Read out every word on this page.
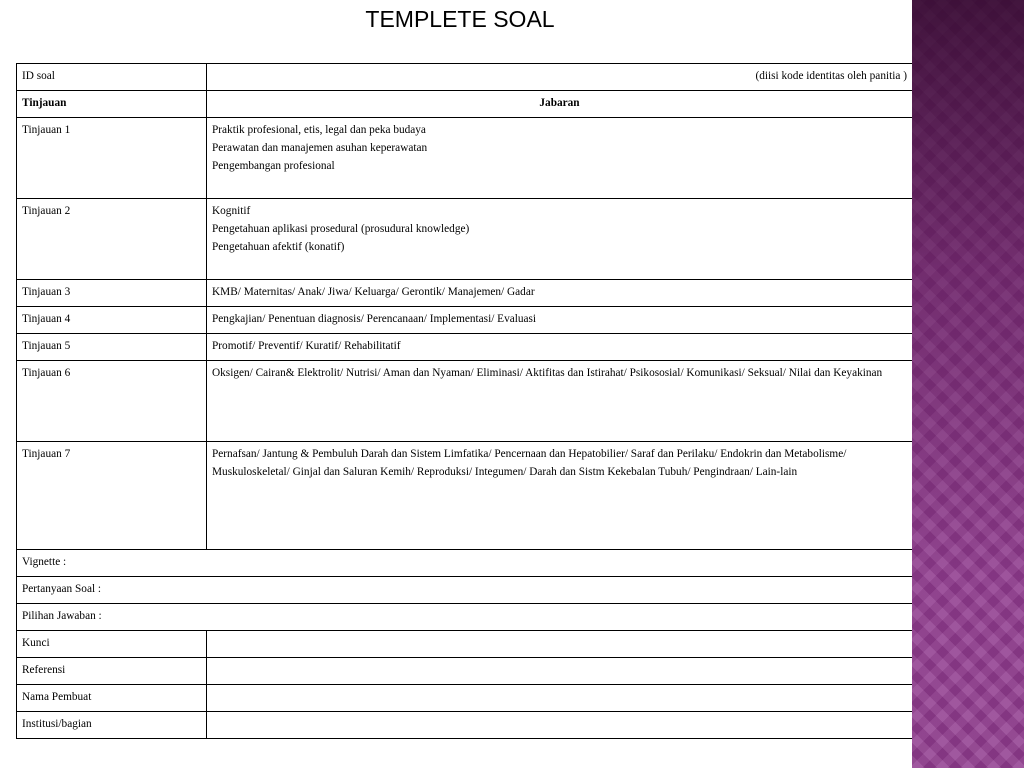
TEMPLETE SOAL
ID soal	(diisi kode identitas oleh panitia )
Tinjauan	Jabaran
Tinjauan 1	Praktik profesional, etis, legal dan peka budaya
Perawatan dan manajemen asuhan keperawatan
Pengembangan profesional

Tinjauan 2	Kognitif
Pengetahuan aplikasi prosedural (prosudural knowledge)
Pengetahuan afektif (konatif)

Tinjauan 3	KMB/ Maternitas/ Anak/ Jiwa/ Keluarga/ Gerontik/ Manajemen/ Gadar
Tinjauan 4	Pengkajian/ Penentuan diagnosis/ Perencanaan/ Implementasi/ Evaluasi
Tinjauan 5	Promotif/ Preventif/ Kuratif/ Rehabilitatif
Tinjauan 6	Oksigen/ Cairan& Elektrolit/ Nutrisi/ Aman dan Nyaman/ Eliminasi/ Aktifitas dan Istirahat/ Psikososial/ Komunikasi/ Seksual/ Nilai dan Keyakinan
Tinjauan 7	Pernafsan/ Jantung & Pembuluh Darah dan Sistem Limfatika/ Pencernaan dan Hepatobilier/ Saraf dan Perilaku/ Endokrin dan Metabolisme/ Muskuloskeletal/ Ginjal dan Saluran Kemih/ Reproduksi/ Integumen/ Darah dan Sistm Kekebalan Tubuh/ Pengindraan/ Lain-lain
Vignette :	
Pertanyaan Soal :	
Pilihan Jawaban :	
Kunci	
Referensi	
Nama Pembuat	
Institusi/bagian	
